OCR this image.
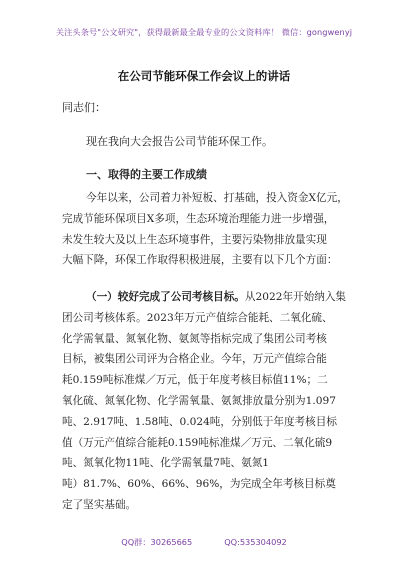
关注头条号"公文研究"，获得最新最全最专业的公文资料库！ 微信：gongwenyj
在公司节能环保工作会议上的讲话
同志们：
现在我向大会报告公司节能环保工作。
一、取得的主要工作成绩
今年以来，公司着力补短板、打基础，投入资金X亿元，
完成节能环保项目X多项，生态环境治理能力进一步增强，
未发生较大及以上生态环境事件，主要污染物排放量实现
大幅下降，环保工作取得积极进展，主要有以下几个方面：
（一）较好完成了公司考核目标。从2022年开始纳入集
团公司考核体系。2023年万元产值综合能耗、二氧化硫、
化学需氧量、氮氧化物、氨氮等指标完成了集团公司考核
目标，被集团公司评为合格企业。今年，万元产值综合能
耗0.159吨标准煤／万元，低于年度考核目标值11%；二
氧化硫、氮氧化物、化学需氧量、氨氮排放量分别为1.097
吨、2.917吨、1.58吨、0.024吨，分别低于年度考核目标
值（万元产值综合能耗0.159吨标准煤／万元、二氧化硫9
吨、氮氧化物11吨、化学需氧量7吨、氨氮1
吨）81.7%、60%、66%、96%，为完成全年考核目标奠
定了坚实基础。
QQ群：30265665	QQ:535304092
